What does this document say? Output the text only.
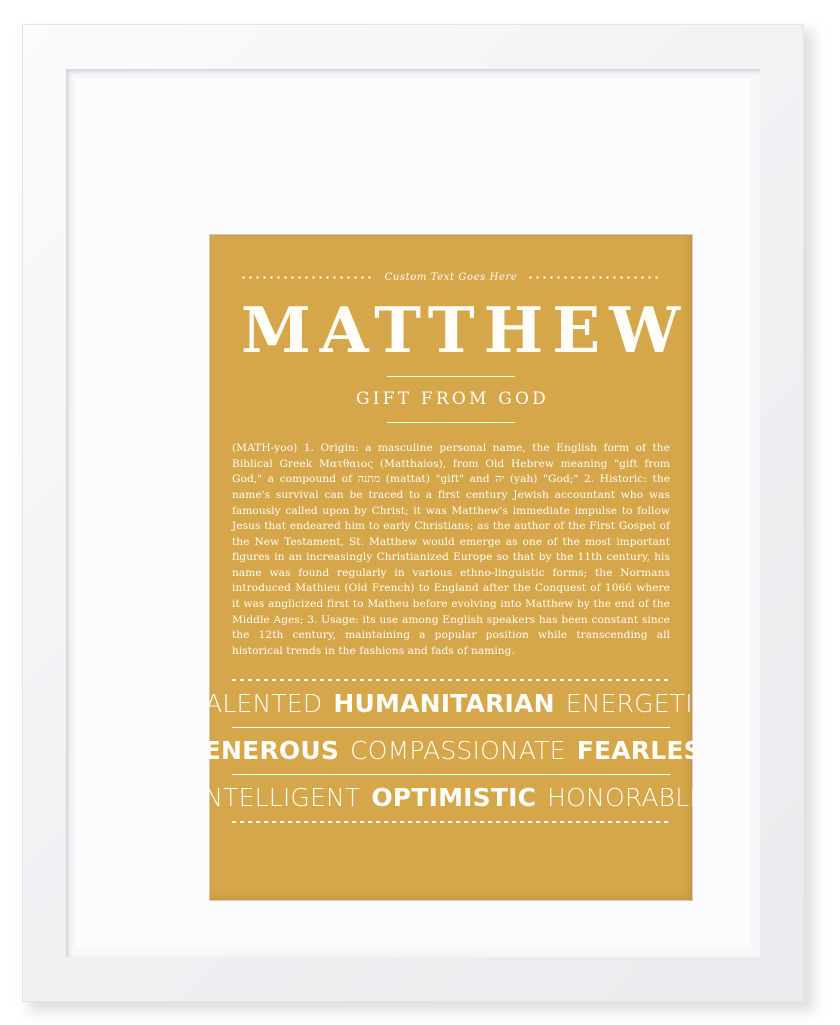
Custom Text Goes Here
MATTHEW
GIFT FROM GOD
(MATH-yoo) 1. Origin: a masculine personal name, the English form of the Biblical Greek Ματθαιος (Matthaios), from Old Hebrew meaning "gift from God," a compound of מתנה (mattat) "gift" and יה (yah) "God;" 2. Historic: the name's survival can be traced to a first century Jewish accountant who was famously called upon by Christ; it was Matthew's immediate impulse to follow Jesus that endeared him to early Christians; as the author of the First Gospel of the New Testament, St. Matthew would emerge as one of the most important figures in an increasingly Christianized Europe so that by the 11th century, his name was found regularly in various ethno-linguistic forms; the Normans introduced Mathieu (Old French) to England after the Conquest of 1066 where it was anglicized first to Matheu before evolving into Matthew by the end of the Middle Ages; 3. Usage: its use among English speakers has been constant since the 12th century, maintaining a popular position while transcending all historical trends in the fashions and fads of naming.
TALENTED HUMANITARIAN ENERGETIC
GENEROUS COMPASSIONATE FEARLESS
INTELLIGENT OPTIMISTIC HONORABLE
